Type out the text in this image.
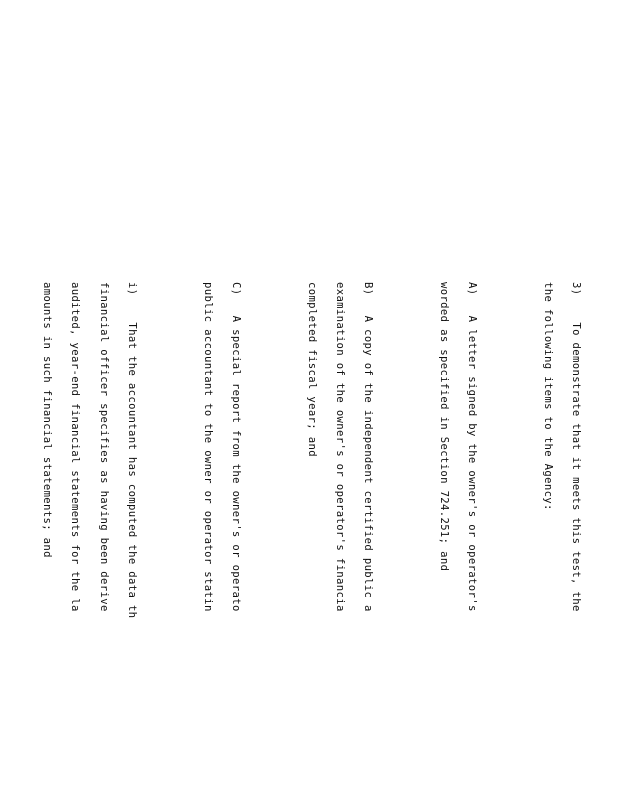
3)    To demonstrate that it meets this test, the

the following items to the Agency:

A)   A letter signed by the owner's or operator's

worded as specified in Section 724.251; and

B)   A copy of the independent certified public a

examination of the owner's or operator's financia

completed fiscal year; and

C)   A special report from the owner's or operato

public accountant to the owner or operator statin

i)    That the accountant has computed the data th

financial officer specifies as having been derive

audited, year-end financial statements for the la

amounts in such financial statements; and
